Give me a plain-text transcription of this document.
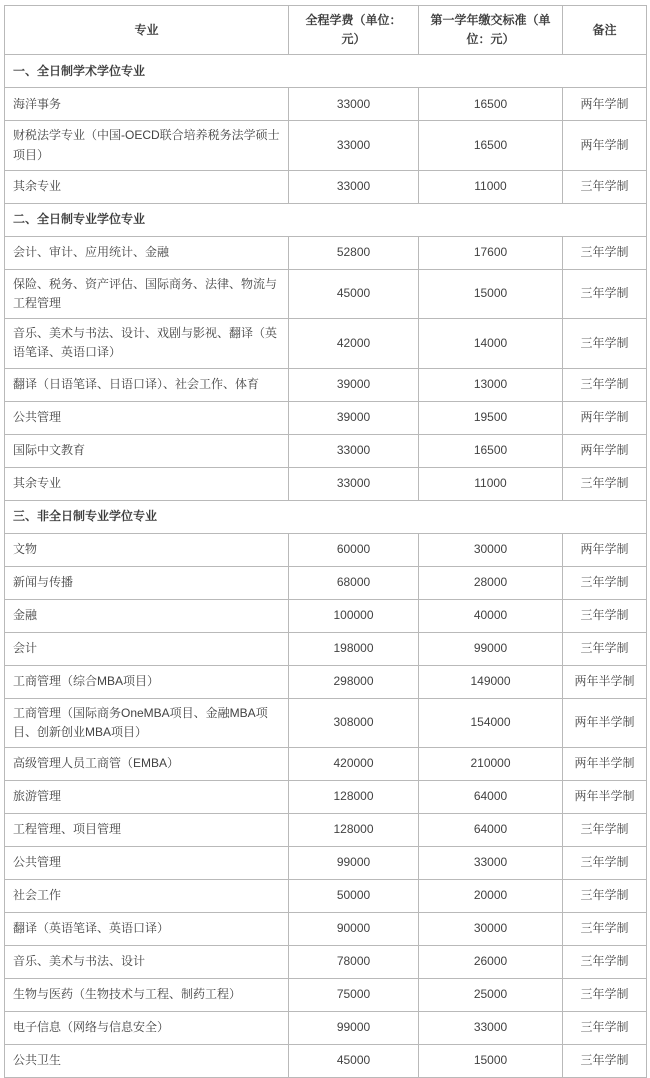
专业	全程学费（单位：元）	第一学年缴交标准（单位：元）	备注
一、全日制学术学位专业			
海洋事务	33000	16500	两年学制
财税法学专业（中国-OECD联合培养税务法学硕士项目）	33000	16500	两年学制
其余专业	33000	11000	三年学制
二、全日制专业学位专业			
会计、审计、应用统计、金融	52800	17600	三年学制
保险、税务、资产评估、国际商务、法律、物流与工程管理	45000	15000	三年学制
音乐、美术与书法、设计、戏剧与影视、翻译（英语笔译、英语口译）	42000	14000	三年学制
翻译（日语笔译、日语口译）、社会工作、体育	39000	13000	三年学制
公共管理	39000	19500	两年学制
国际中文教育	33000	16500	两年学制
其余专业	33000	11000	三年学制
三、非全日制专业学位专业			
文物	60000	30000	两年学制
新闻与传播	68000	28000	三年学制
金融	100000	40000	三年学制
会计	198000	99000	三年学制
工商管理（综合MBA项目）	298000	149000	两年半学制
工商管理（国际商务OneMBA项目、金融MBA项目、创新创业MBA项目）	308000	154000	两年半学制
高级管理人员工商管（EMBA）	420000	210000	两年半学制
旅游管理	128000	64000	两年半学制
工程管理、项目管理	128000	64000	三年学制
公共管理	99000	33000	三年学制
社会工作	50000	20000	三年学制
翻译（英语笔译、英语口译）	90000	30000	三年学制
音乐、美术与书法、设计	78000	26000	三年学制
生物与医药（生物技术与工程、制药工程）	75000	25000	三年学制
电子信息（网络与信息安全）	99000	33000	三年学制
公共卫生	45000	15000	三年学制
